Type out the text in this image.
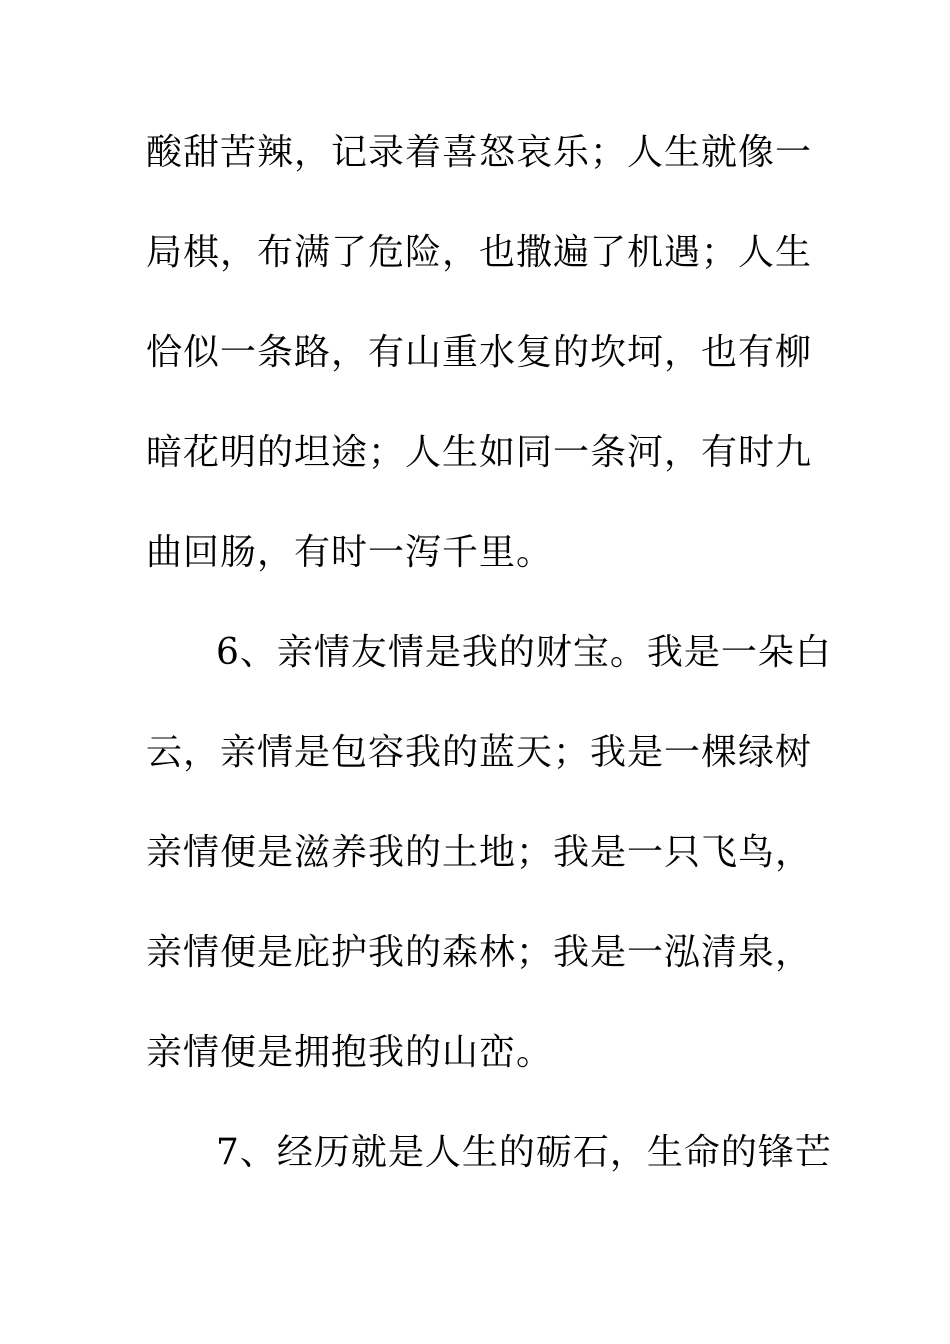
酸甜苦辣，记录着喜怒哀乐；人生就像一
局棋，布满了危险，也撒遍了机遇；人生
恰似一条路，有山重水复的坎坷，也有柳
暗花明的坦途；人生如同一条河，有时九
曲回肠，有时一泻千里。
6、亲情友情是我的财宝。我是一朵白
云，亲情是包容我的蓝天；我是一棵绿树
亲情便是滋养我的土地；我是一只飞鸟，
亲情便是庇护我的森林；我是一泓清泉，
亲情便是拥抱我的山峦。
7、经历就是人生的砺石，生命的锋芒
